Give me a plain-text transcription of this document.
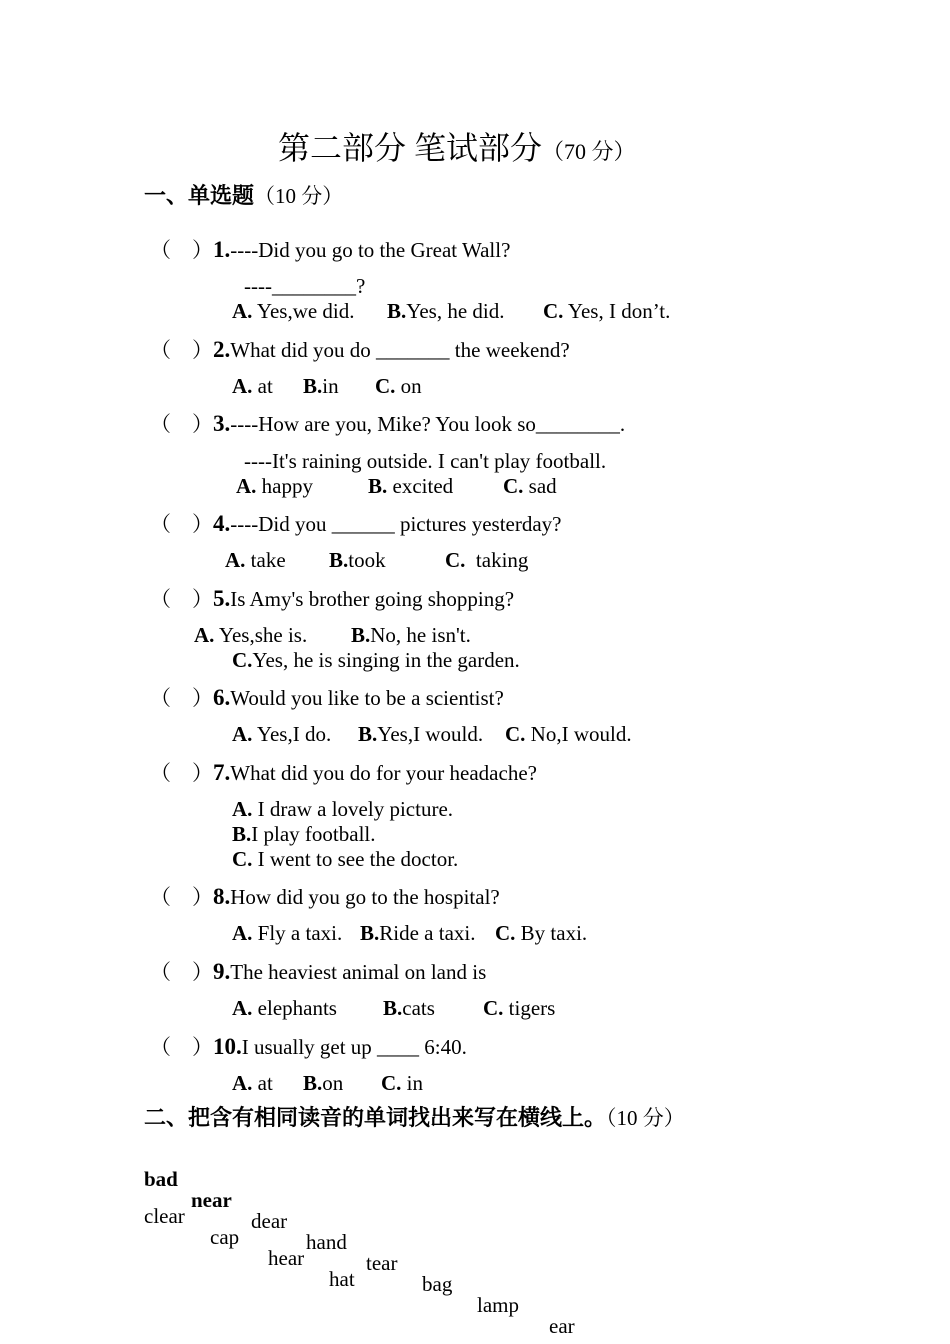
第二部分 笔试部分（70 分）
一、单选题（10 分）
（　）1.----Did you go to the Great Wall?
----________?
A. Yes,we did. B.Yes, he did. C. Yes, I don’t.
（　）2.What did you do _______ the weekend?
A. at B.in C. on
（　）3.----How are you, Mike? You look so________.
----It's raining outside. I can't play football.
A. happy	B. excited C. sad
（　）4.----Did you ______ pictures yesterday?
A. take B.took	C.  taking
（　）5.Is Amy's brother going shopping?
A. Yes,she is. B.No, he isn't.
C.Yes, he is singing in the garden.
（　）6.Would you like to be a scientist?
A. Yes,I do. B.Yes,I would. C. No,I would.
（　）7.What did you do for your headache?
A. I draw a lovely picture.
B.I play football.
C. I went to see the doctor.
（　）8.How did you go to the hospital?
A. Fly a taxi. B.Ride a taxi. C. By taxi.
（　）9.The heaviest animal on land is
A. elephants B.cats C. tigers
（　）10.I usually get up ____ 6:40.
A. at B.on C. in
二、把含有相同读音的单词找出来写在横线上。（10 分）

bad

near

dear

hand

tear

bag

lamp

ear

clear

cap

hear

hat
